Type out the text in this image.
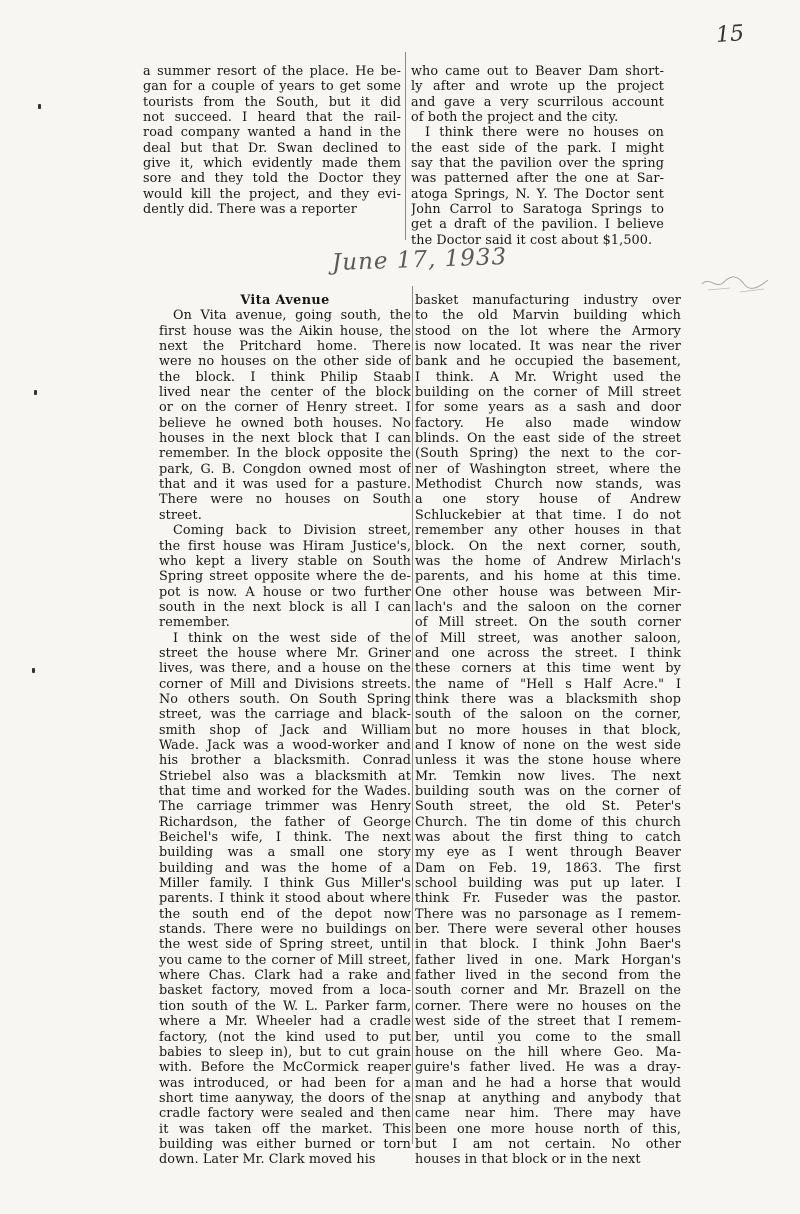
15
a summer resort of the place. He be-
gan for a couple of years to get some
tourists from the South, but it did
not succeed. I heard that the rail-
road company wanted a hand in the
deal but that Dr. Swan declined to
give it, which evidently made them
sore and they told the Doctor they
would kill the project, and they evi-
dently did. There was a reporter
who came out to Beaver Dam short-
ly after and wrote up the project
and gave a very scurrilous account
of both the project and the city.
I think there were no houses on
the east side of the park. I might
say that the pavilion over the spring
was patterned after the one at Sar-
atoga Springs, N. Y. The Doctor sent
John Carrol to Saratoga Springs to
get a draft of the pavilion. I believe
the Doctor said it cost about $1,500.
June 17, 1933
Vita Avenue
On Vita avenue, going south, the
first house was the Aikin house, the
next the Pritchard home. There
were no houses on the other side of
the block. I think Philip Staab
lived near the center of the block
or on the corner of Henry street. I
believe he owned both houses. No
houses in the next block that I can
remember. In the block opposite the
park, G. B. Congdon owned most of
that and it was used for a pasture.
There were no houses on South
street.
Coming back to Division street,
the first house was Hiram Justice's,
who kept a livery stable on South
Spring street opposite where the de-
pot is now. A house or two further
south in the next block is all I can
remember.
I think on the west side of the
street the house where Mr. Griner
lives, was there, and a house on the
corner of Mill and Divisions streets.
No others south. On South Spring
street, was the carriage and black-
smith shop of Jack and William
Wade. Jack was a wood-worker and
his brother a blacksmith. Conrad
Striebel also was a blacksmith at
that time and worked for the Wades.
The carriage trimmer was Henry
Richardson, the father of George
Beichel's wife, I think. The next
building was a small one story
building and was the home of a
Miller family. I think Gus Miller's
parents. I think it stood about where
the south end of the depot now
stands. There were no buildings on
the west side of Spring street, until
you came to the corner of Mill street,
where Chas. Clark had a rake and
basket factory, moved from a loca-
tion south of the W. L. Parker farm,
where a Mr. Wheeler had a cradle
factory, (not the kind used to put
babies to sleep in), but to cut grain
with. Before the McCormick reaper
was introduced, or had been for a
short time aanyway, the doors of the
cradle factory were sealed and then
it was taken off the market. This
building was either burned or torn
down. Later Mr. Clark moved his
basket manufacturing industry over
to the old Marvin building which
stood on the lot where the Armory
is now located. It was near the river
bank and he occupied the basement,
I think. A Mr. Wright used the
building on the corner of Mill street
for some years as a sash and door
factory. He also made window
blinds. On the east side of the street
(South Spring) the next to the cor-
ner of Washington street, where the
Methodist Church now stands, was
a one story house of Andrew
Schluckebier at that time. I do not
remember any other houses in that
block. On the next corner, south,
was the home of Andrew Mirlach's
parents, and his home at this time.
One other house was between Mir-
lach's and the saloon on the corner
of Mill street. On the south corner
of Mill street, was another saloon,
and one across the street. I think
these corners at this time went by
the name of "Hell s Half Acre." I
think there was a blacksmith shop
south of the saloon on the corner,
but no more houses in that block,
and I know of none on the west side
unless it was the stone house where
Mr. Temkin now lives. The next
building south was on the corner of
South street, the old St. Peter's
Church. The tin dome of this church
was about the first thing to catch
my eye as I went through Beaver
Dam on Feb. 19, 1863. The first
school building was put up later. I
think Fr. Fuseder was the pastor.
There was no parsonage as I remem-
ber. There were several other houses
in that block. I think John Baer's
father lived in one. Mark Horgan's
father lived in the second from the
south corner and Mr. Brazell on the
corner. There were no houses on the
west side of the street that I remem-
ber, until you come to the small
house on the hill where Geo. Ma-
guire's father lived. He was a dray-
man and he had a horse that would
snap at anything and anybody that
came near him. There may have
been one more house north of this,
but I am not certain. No other
houses in that block or in the next
